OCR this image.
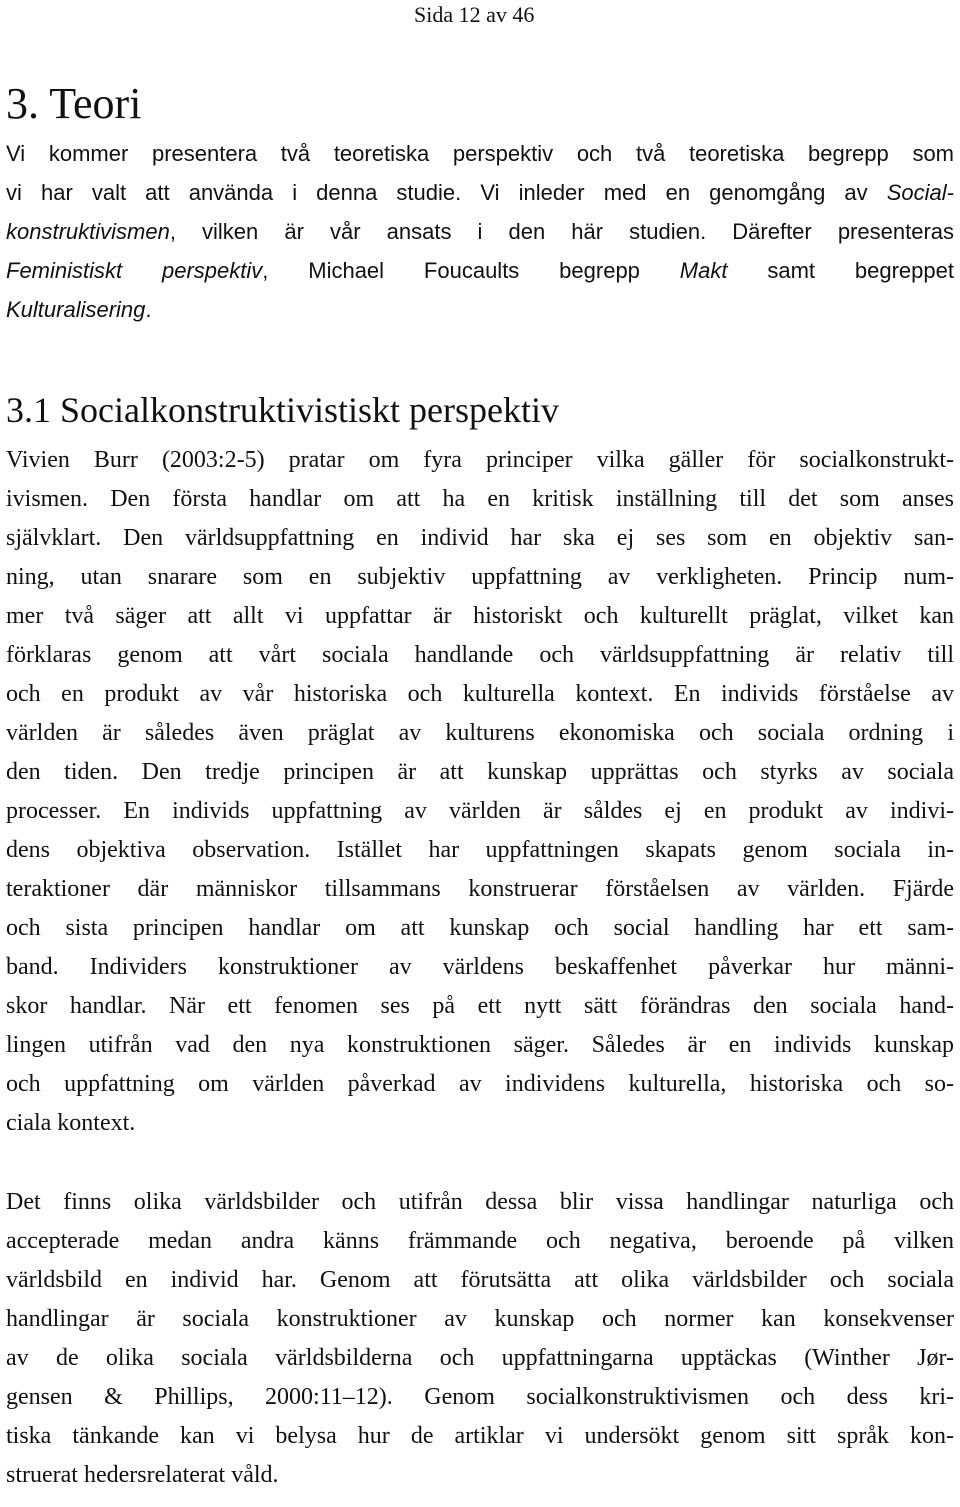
Sida 12 av 46
3. Teori
Vi kommer presentera två teoretiska perspektiv och två teoretiska begrepp som
vi har valt att använda i denna studie. Vi inleder med en genomgång av Social-
konstruktivismen, vilken är vår ansats i den här studien. Därefter presenteras
Feministiskt perspektiv, Michael Foucaults begrepp Makt samt begreppet
Kulturalisering.
3.1 Socialkonstruktivistiskt perspektiv
Vivien Burr (2003:2-5) pratar om fyra principer vilka gäller för socialkonstrukt-
ivismen. Den första handlar om att ha en kritisk inställning till det som anses
självklart. Den världsuppfattning en individ har ska ej ses som en objektiv san-
ning, utan snarare som en subjektiv uppfattning av verkligheten. Princip num-
mer två säger att allt vi uppfattar är historiskt och kulturellt präglat, vilket kan
förklaras genom att vårt sociala handlande och världsuppfattning är relativ till
och en produkt av vår historiska och kulturella kontext. En individs förståelse av
världen är således även präglat av kulturens ekonomiska och sociala ordning i
den tiden. Den tredje principen är att kunskap upprättas och styrks av sociala
processer. En individs uppfattning av världen är såldes ej en produkt av indivi-
dens objektiva observation. Istället har uppfattningen skapats genom sociala in-
teraktioner där människor tillsammans konstruerar förståelsen av världen. Fjärde
och sista principen handlar om att kunskap och social handling har ett sam-
band. Individers konstruktioner av världens beskaffenhet påverkar hur männi-
skor handlar. När ett fenomen ses på ett nytt sätt förändras den sociala hand-
lingen utifrån vad den nya konstruktionen säger. Således är en individs kunskap
och uppfattning om världen påverkad av individens kulturella, historiska och so-
ciala kontext.
Det finns olika världsbilder och utifrån dessa blir vissa handlingar naturliga och
accepterade medan andra känns främmande och negativa, beroende på vilken
världsbild en individ har. Genom att förutsätta att olika världsbilder och sociala
handlingar är sociala konstruktioner av kunskap och normer kan konsekvenser
av de olika sociala världsbilderna och uppfattningarna upptäckas (Winther Jør-
gensen & Phillips, 2000:11–12). Genom socialkonstruktivismen och dess kri-
tiska tänkande kan vi belysa hur de artiklar vi undersökt genom sitt språk kon-
struerat hedersrelaterat våld.
